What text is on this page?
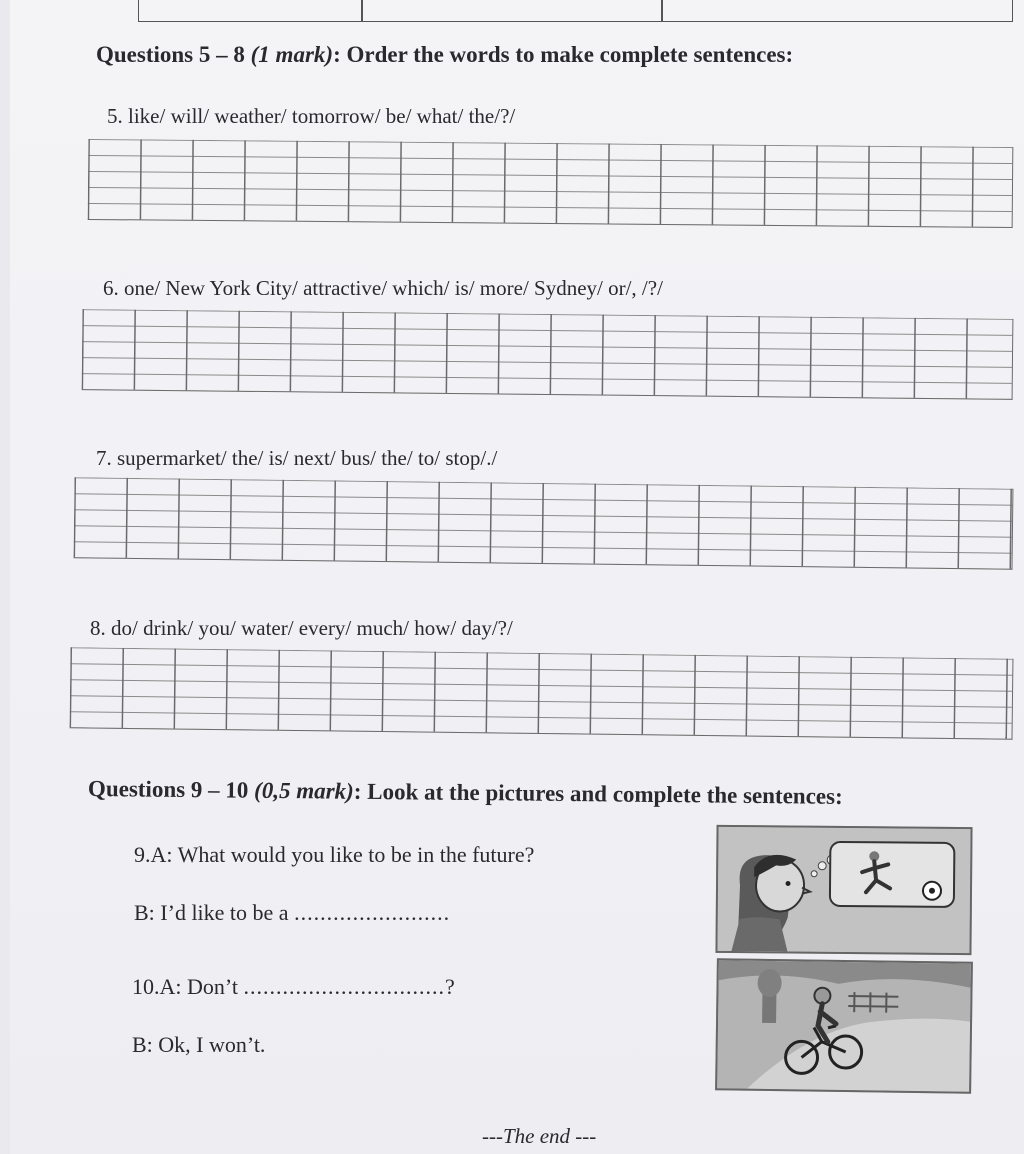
Questions 5 – 8 (1 mark): Order the words to make complete sentences:
5. like/ will/ weather/ tomorrow/ be/ what/ the/?/
6. one/ New York City/ attractive/ which/ is/ more/ Sydney/ or/, /?/
7. supermarket/ the/ is/ next/ bus/ the/ to/ stop/./
8. do/ drink/ you/ water/ every/ much/ how/ day/?/
Questions 9 – 10 (0,5 mark): Look at the pictures and complete the sentences:
9.A: What would you like to be in the future?
B: I’d like to be a ........................
10.A: Don’t ...............................?
B: Ok, I won’t.
---The end ---
